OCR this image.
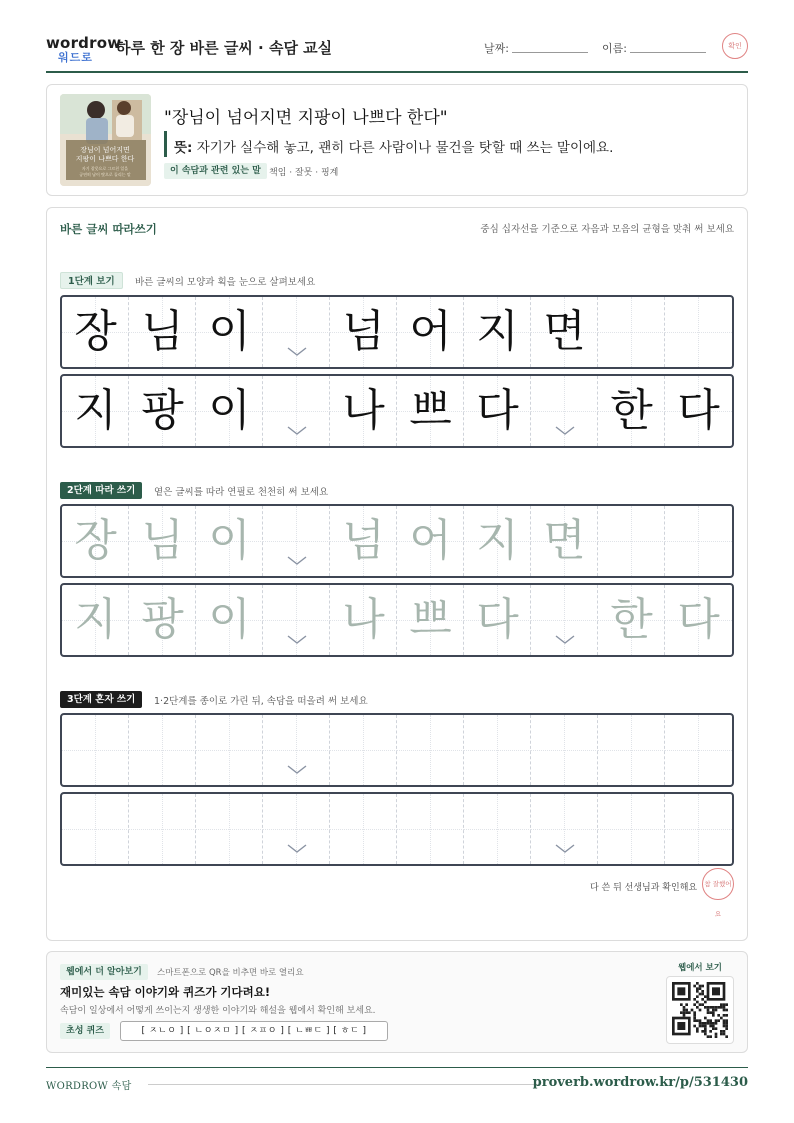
wordrow
워드로
하루 한 장 바른 글씨 · 속담 교실	날짜:	이름:	확인
장님이 넘어지면
지팡이 나쁘다 한다
자기 잘못으로 그르친 일을
공연히 남이 탓으로 돌리는 말
"장님이 넘어지면 지팡이 나쁘다 한다"
뜻: 자기가 실수해 놓고, 괜히 다른 사람이나 물건을 탓할 때 쓰는 말이에요.
이 속담과 관련 있는 말 책임 · 잘못 · 핑계
바른 글씨 따라쓰기	중심 십자선을 기준으로 자음과 모음의 균형을 맞춰 써 보세요
1단계 보기	바른 글씨의 모양과 획을 눈으로 살펴보세요
장 님 이 넘 어 지 면
지 팡 이 나 쁘 다 한 다
2단계 따라 쓰기	옅은 글씨를 따라 연필로 천천히 써 보세요
장 님 이 넘 어 지 면
지 팡 이 나 쁘 다 한 다
3단계 혼자 쓰기	1·2단계를 종이로 가린 뒤, 속담을 떠올려 써 보세요
다 쓴 뒤 선생님과 확인해요	참 잘했어요
웹에서 더 알아보기	스마트폰으로 QR을 비추면 바로 열리요
재미있는 속담 이야기와 퀴즈가 기다려요!
속담이 일상에서 어떻게 쓰이는지 생생한 이야기와 해설을 웹에서 확인해 보세요.
초성 퀴즈	[ ㅈㄴㅇ ] [ ㄴㅇㅈㅁ ] [ ㅈㅍㅇ ] [ ㄴㅃㄷ ] [ ㅎㄷ ]
웹에서 보기
WORDROW 속담	proverb.wordrow.kr/p/531430
